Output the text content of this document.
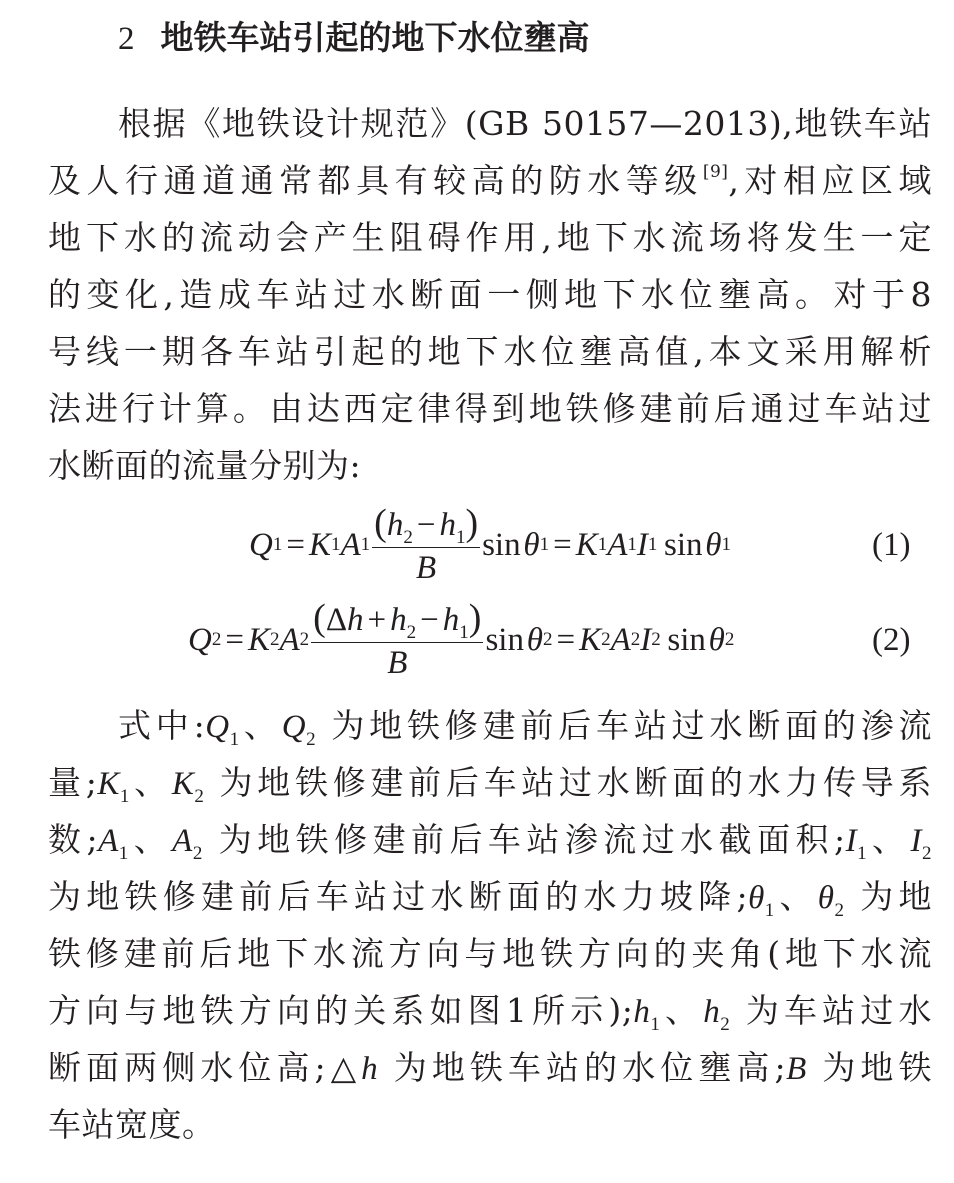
2 地铁车站引起的地下水位壅高
根据《地铁设计规范》(GB 50157—2013),地铁车站
及人行通道通常都具有较高的防水等级[9],对相应区域
地下水的流动会产生阻碍作用,地下水流场将发生一定
的变化,造成车站过水断面一侧地下水位壅高。对于8
号线一期各车站引起的地下水位壅高值,本文采用解析
法进行计算。由达西定律得到地铁修建前后通过车站过
水断面的流量分别为:
Q 1 = K 1 A $1 \frac{(h_2 - h_1)}{B}$ sin
  θ 1 = K 1 A 1 I 1
  sin
  θ 1	(1)
Q 2 = K 2 A $2 \frac{(\Delta h + h_2 - h_1)}{B}$ sin
  θ 2 = K 2 A 2 I 2
  sin
  θ 2	(2)
式中$:Q_1$、$Q_2$ 为地铁修建前后车站过水断面的渗流
量$;K_1$、$K_2$ 为地铁修建前后车站过水断面的水力传导系
数$;A_1$、$A_2$ 为地铁修建前后车站渗流过水截面积$;I_1$、$I_2$
为地铁修建前后车站过水断面的水力坡降$;\theta_1$、$\theta_2$ 为地
铁修建前后地下水流方向与地铁方向的夹角(地下水流
方向与地铁方向的关系如图1所示)$;h_1$、$h_2$ 为车站过水
断面两侧水位高;△h 为地铁车站的水位壅高;B 为地铁
车站宽度。
